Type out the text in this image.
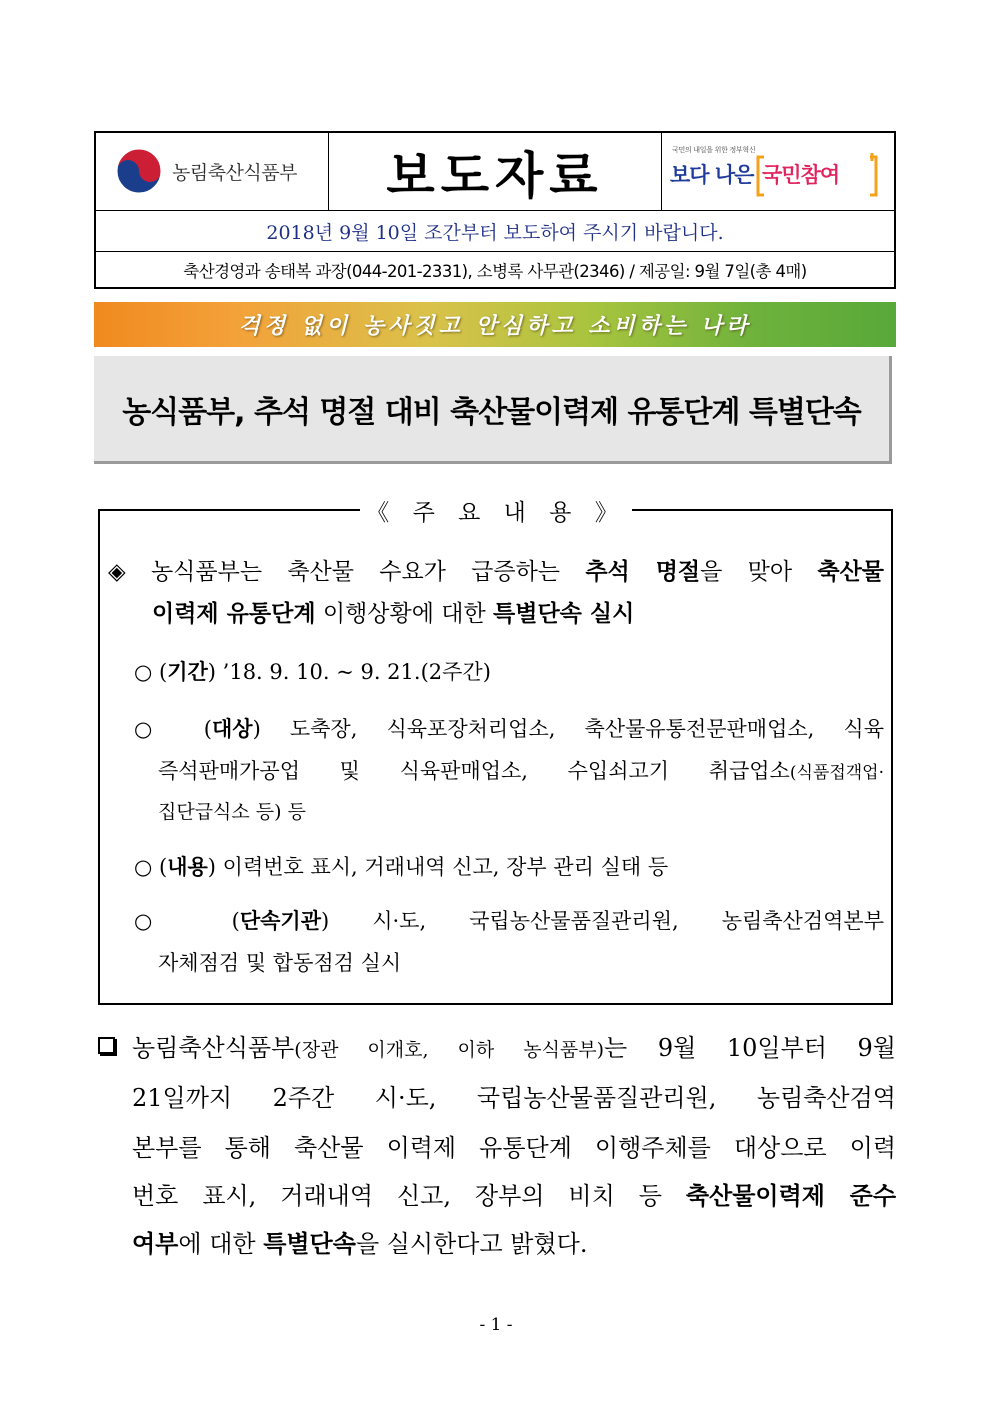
농림축산식품부 보도자료	국민의 내일을 위한 정부혁신
보다 나은 국민참여
2018년 9월 10일 조간부터 보도하여 주시기 바랍니다.
축산경영과 송태복 과장(044-201-2331), 소병록 사무관(2346) / 제공일: 9월 7일(총 4매)
걱정 없이 농사짓고 안심하고 소비하는 나라
농식품부, 추석 명절 대비 축산물이력제 유통단계 특별단속
《 주 요 내 용 》
◈ 농식품부는 축산물 수요가 급증하는 추석 명절을 맞아 축산물
이력제 유통단계 이행상황에 대한 특별단속 실시
○ (기간) ’18. 9. 10. ~ 9. 21.(2주간)
○ (대상) 도축장, 식육포장처리업소, 축산물유통전문판매업소, 식육
즉석판매가공업 및 식육판매업소, 수입쇠고기 취급업소(식품접객업·
집단급식소 등) 등
○ (내용) 이력번호 표시, 거래내역 신고, 장부 관리 실태 등
○ (단속기관) 시·도, 국립농산물품질관리원, 농림축산검역본부
자체점검 및 합동점검 실시
농림축산식품부(장관 이개호, 이하 농식품부)는 9월 10일부터 9월
21일까지 2주간 시·도, 국립농산물품질관리원, 농림축산검역
본부를 통해 축산물 이력제 유통단계 이행주체를 대상으로 이력
번호 표시, 거래내역 신고, 장부의 비치 등 축산물이력제 준수
여부에 대한 특별단속을 실시한다고 밝혔다.
- 1 -
